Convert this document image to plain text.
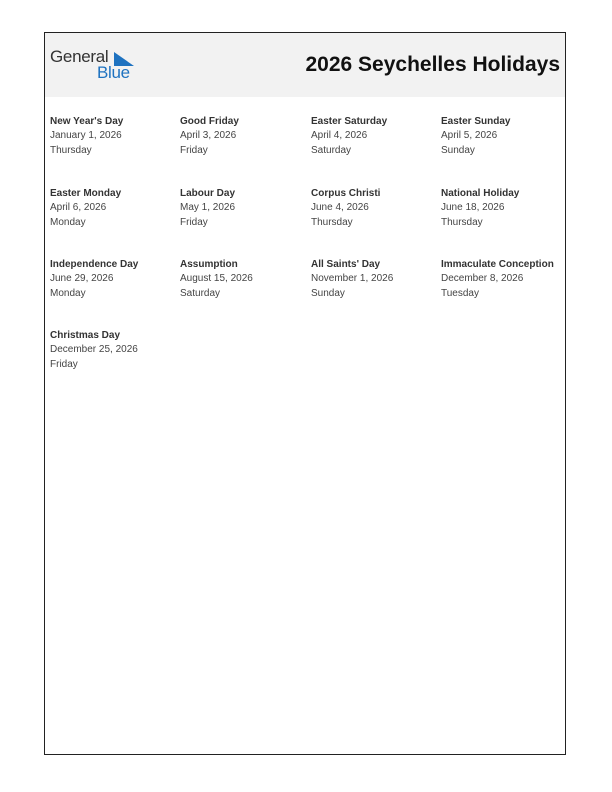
General
Blue	2026 Seychelles Holidays
New Year's Day
January 1, 2026
Thursday
Good Friday
April 3, 2026
Friday
Easter Saturday
April 4, 2026
Saturday
Easter Sunday
April 5, 2026
Sunday
Easter Monday
April 6, 2026
Monday
Labour Day
May 1, 2026
Friday
Corpus Christi
June 4, 2026
Thursday
National Holiday
June 18, 2026
Thursday
Independence Day
June 29, 2026
Monday
Assumption
August 15, 2026
Saturday
All Saints' Day
November 1, 2026
Sunday
Immaculate Conception
December 8, 2026
Tuesday
Christmas Day
December 25, 2026
Friday
